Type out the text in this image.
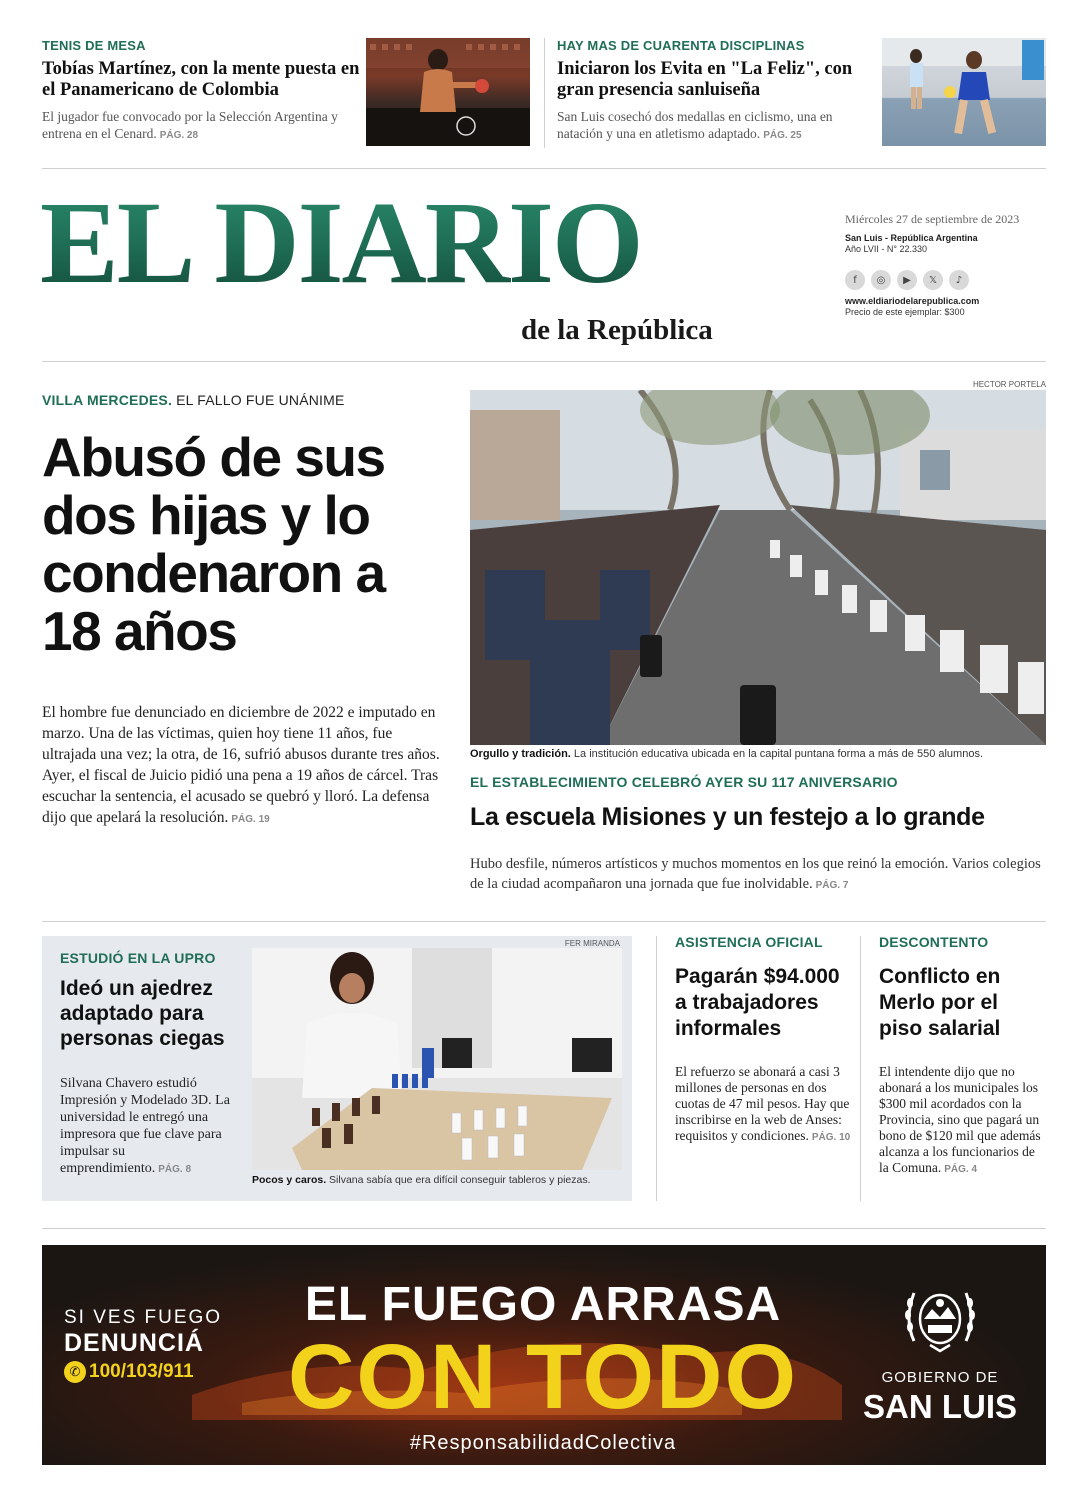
TENIS DE MESA
Tobías Martínez, con la mente puesta en el Panamericano de Colombia
El jugador fue convocado por la Selección Argentina y entrena en el Cenard. PÁG. 28
HAY MAS DE CUARENTA DISCIPLINAS
Iniciaron los Evita en "La Feliz", con gran presencia sanluiseña
San Luis cosechó dos medallas en ciclismo, una en natación y una en atletismo adaptado. PÁG. 25
EL DIARIO
de la República
Miércoles 27 de septiembre de 2023
San Luis - República Argentina
Año LVII - N° 22.330
f	◎	▶	𝕏	♪
www.eldiariodelarepublica.com
Precio de este ejemplar: $300
VILLA MERCEDES. EL FALLO FUE UNÁNIME
Abusó de sus dos hijas y lo condenaron a 18 años
El hombre fue denunciado en diciembre de 2022 e imputado en marzo. Una de las víctimas, quien hoy tiene 11 años, fue ultrajada una vez; la otra, de 16, sufrió abusos durante tres años. Ayer, el fiscal de Juicio pidió una pena a 19 años de cárcel. Tras escuchar la sentencia, el acusado se quebró y lloró. La defensa dijo que apelará la resolución. PÁG. 19
HECTOR PORTELA
Orgullo y tradición. La institución educativa ubicada en la capital puntana forma a más de 550 alumnos.
EL ESTABLECIMIENTO CELEBRÓ AYER SU 117 ANIVERSARIO
La escuela Misiones y un festejo a lo grande
Hubo desfile, números artísticos y muchos momentos en los que reinó la emoción. Varios colegios de la ciudad acompañaron una jornada que fue inolvidable. PÁG. 7
ESTUDIÓ EN LA UPRO
Ideó un ajedrez adaptado para personas ciegas
Silvana Chavero estudió Impresión y Modelado 3D. La universidad le entregó una impresora que fue clave para impulsar su emprendimiento. PÁG. 8
FER MIRANDA
Pocos y caros. Silvana sabía que era difícil conseguir tableros y piezas.
ASISTENCIA OFICIAL
Pagarán $94.000 a trabajadores informales
El refuerzo se abonará a casi 3 millones de personas en dos cuotas de 47 mil pesos. Hay que inscribirse en la web de Anses: requisitos y condiciones. PÁG. 10
DESCONTENTO
Conflicto en Merlo por el piso salarial
El intendente dijo que no abonará a los municipales los $300 mil acordados con la Provincia, sino que pagará un bono de $120 mil que además alcanza a los funcionarios de la Comuna. PÁG. 4
SI VES FUEGO
DENUNCIÁ
✆ 100/103/911
EL FUEGO ARRASA
CON TODO
#ResponsabilidadColectiva
GOBIERNO DE
SAN LUIS
